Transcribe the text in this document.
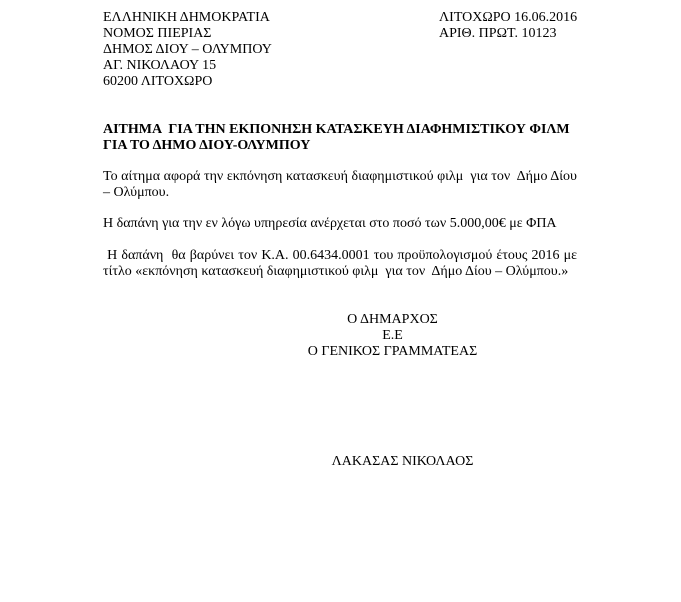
ΕΛΛΗΝΙΚΗ ΔΗΜΟΚΡΑΤΙΑ
ΝΟΜΟΣ ΠΙΕΡΙΑΣ
ΔΗΜΟΣ ΔΙΟΥ – ΟΛΥΜΠΟΥ
ΑΓ. ΝΙΚΟΛΑΟΥ 15
60200 ΛΙΤΟΧΩΡΟ
ΛΙΤΟΧΩΡΟ 16.06.2016
ΑΡΙΘ. ΠΡΩΤ. 10123
ΑΙΤΗΜΑ  ΓΙΑ ΤΗΝ ΕΚΠΟΝΗΣΗ ΚΑΤΑΣΚΕΥΗ ΔΙΑΦΗΜΙΣΤΙΚΟΥ ΦΙΛΜ
ΓΙΑ ΤΟ ΔΗΜΟ ΔΙΟΥ-ΟΛΥΜΠΟΥ
Το αίτημα αφορά την εκπόνηση κατασκευή διαφημιστικού φιλμ  για τον  Δήμο Δίου
– Ολύμπου.
Η δαπάνη για την εν λόγω υπηρεσία ανέρχεται στο ποσό των 5.000,00€ με ΦΠΑ
Η δαπάνη  θα βαρύνει τον Κ.Α. 00.6434.0001 του προϋπολογισμού έτους 2016 με
τίτλο «εκπόνηση κατασκευή διαφημιστικού φιλμ  για τον  Δήμο Δίου – Ολύμπου.»
Ο ΔΗΜΑΡΧΟΣ
Ε.Ε
Ο ΓΕΝΙΚΟΣ ΓΡΑΜΜΑΤΕΑΣ
ΛΑΚΑΣΑΣ ΝΙΚΟΛΑΟΣ
